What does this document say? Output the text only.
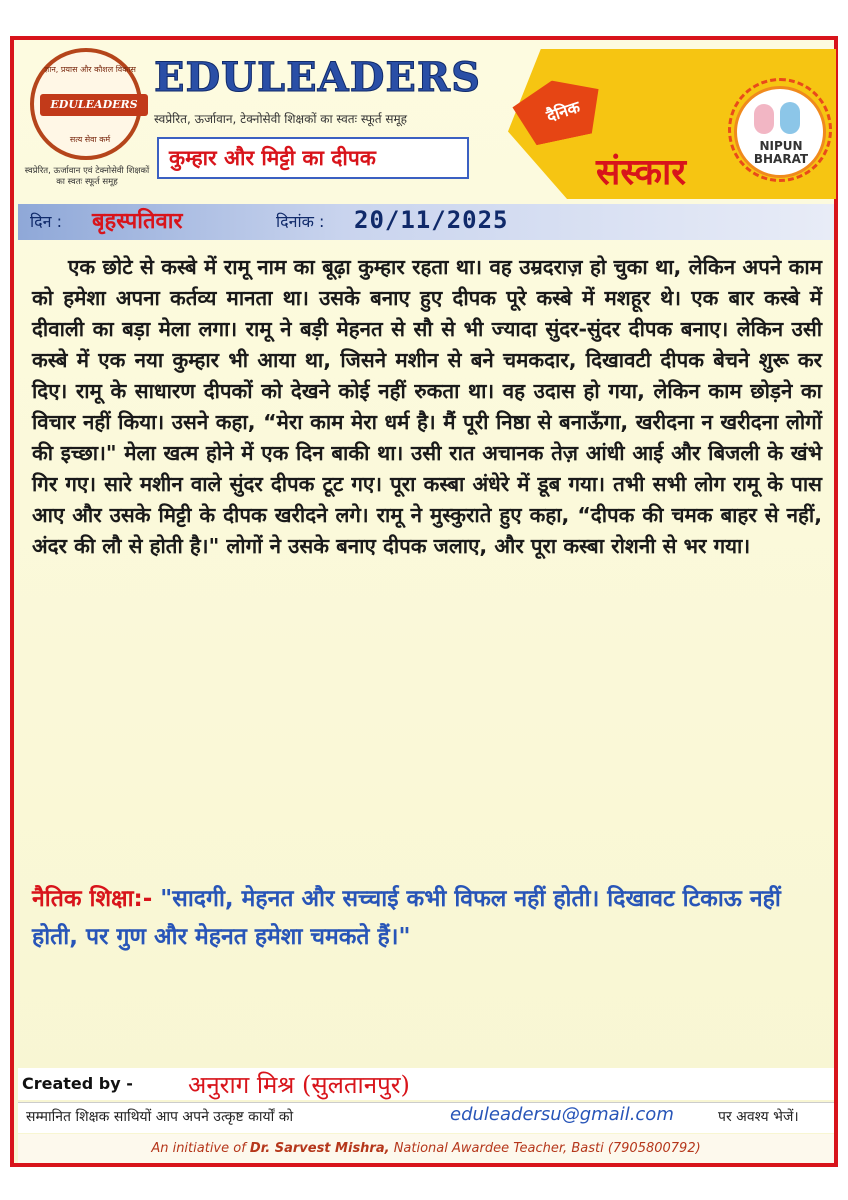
ज्ञान, प्रयास और कौशल विकास
EDULEADERS
सत्य सेवा कर्म
स्वप्रेरित, ऊर्जावान एवं टेक्नोसेवी शिक्षकों का स्वतः स्फूर्त समूह
EDULEADERS
स्वप्रेरित, ऊर्जावान, टेक्नोसेवी शिक्षकों का स्वतः स्फूर्त समूह
कुम्हार और मिट्टी का दीपक
दैनिक
संस्कार
NIPUN BHARAT
दिन : बृहस्पतिवार	दिनांक : 20/11/2025

एक छोटे से कस्बे में रामू नाम का बूढ़ा कुम्हार रहता था। वह उम्रदराज़ हो चुका था, लेकिन अपने काम को हमेशा अपना कर्तव्य मानता था। उसके बनाए हुए दीपक पूरे कस्बे में मशहूर थे। एक बार कस्बे में दीवाली का बड़ा मेला लगा। रामू ने बड़ी मेहनत से सौ से भी ज्यादा सुंदर-सुंदर दीपक बनाए। लेकिन उसी कस्बे में एक नया कुम्हार भी आया था, जिसने मशीन से बने चमकदार, दिखावटी दीपक बेचने शुरू कर दिए। रामू के साधारण दीपकों को देखने कोई नहीं रुकता था। वह उदास हो गया, लेकिन काम छोड़ने का विचार नहीं किया। उसने कहा, “मेरा काम मेरा धर्म है। मैं पूरी निष्ठा से बनाऊँगा, खरीदना न खरीदना लोगों की इच्छा।" मेला खत्म होने में एक दिन बाकी था। उसी रात अचानक तेज़ आंधी आई और बिजली के खंभे गिर गए। सारे मशीन वाले सुंदर दीपक टूट गए। पूरा कस्बा अंधेरे में डूब गया। तभी सभी लोग रामू के पास आए और उसके मिट्टी के दीपक खरीदने लगे। रामू ने मुस्कुराते हुए कहा, “दीपक की चमक बाहर से नहीं, अंदर की लौ से होती है।" लोगों ने उसके बनाए दीपक जलाए, और पूरा कस्बा रोशनी से भर गया।

नैतिक शिक्षा:- "सादगी, मेहनत और सच्चाई कभी विफल नहीं होती। दिखावट टिकाऊ नहीं होती, पर गुण और मेहनत हमेशा चमकते हैं।"

Created by - अनुराग मिश्र (सुलतानपुर)
सम्मानित शिक्षक साथियों आप अपने उत्कृष्ट कार्यों को	eduleadersu@gmail.com	पर अवश्य भेजें।
An initiative of Dr. Sarvest Mishra, National Awardee Teacher, Basti (7905800792)
